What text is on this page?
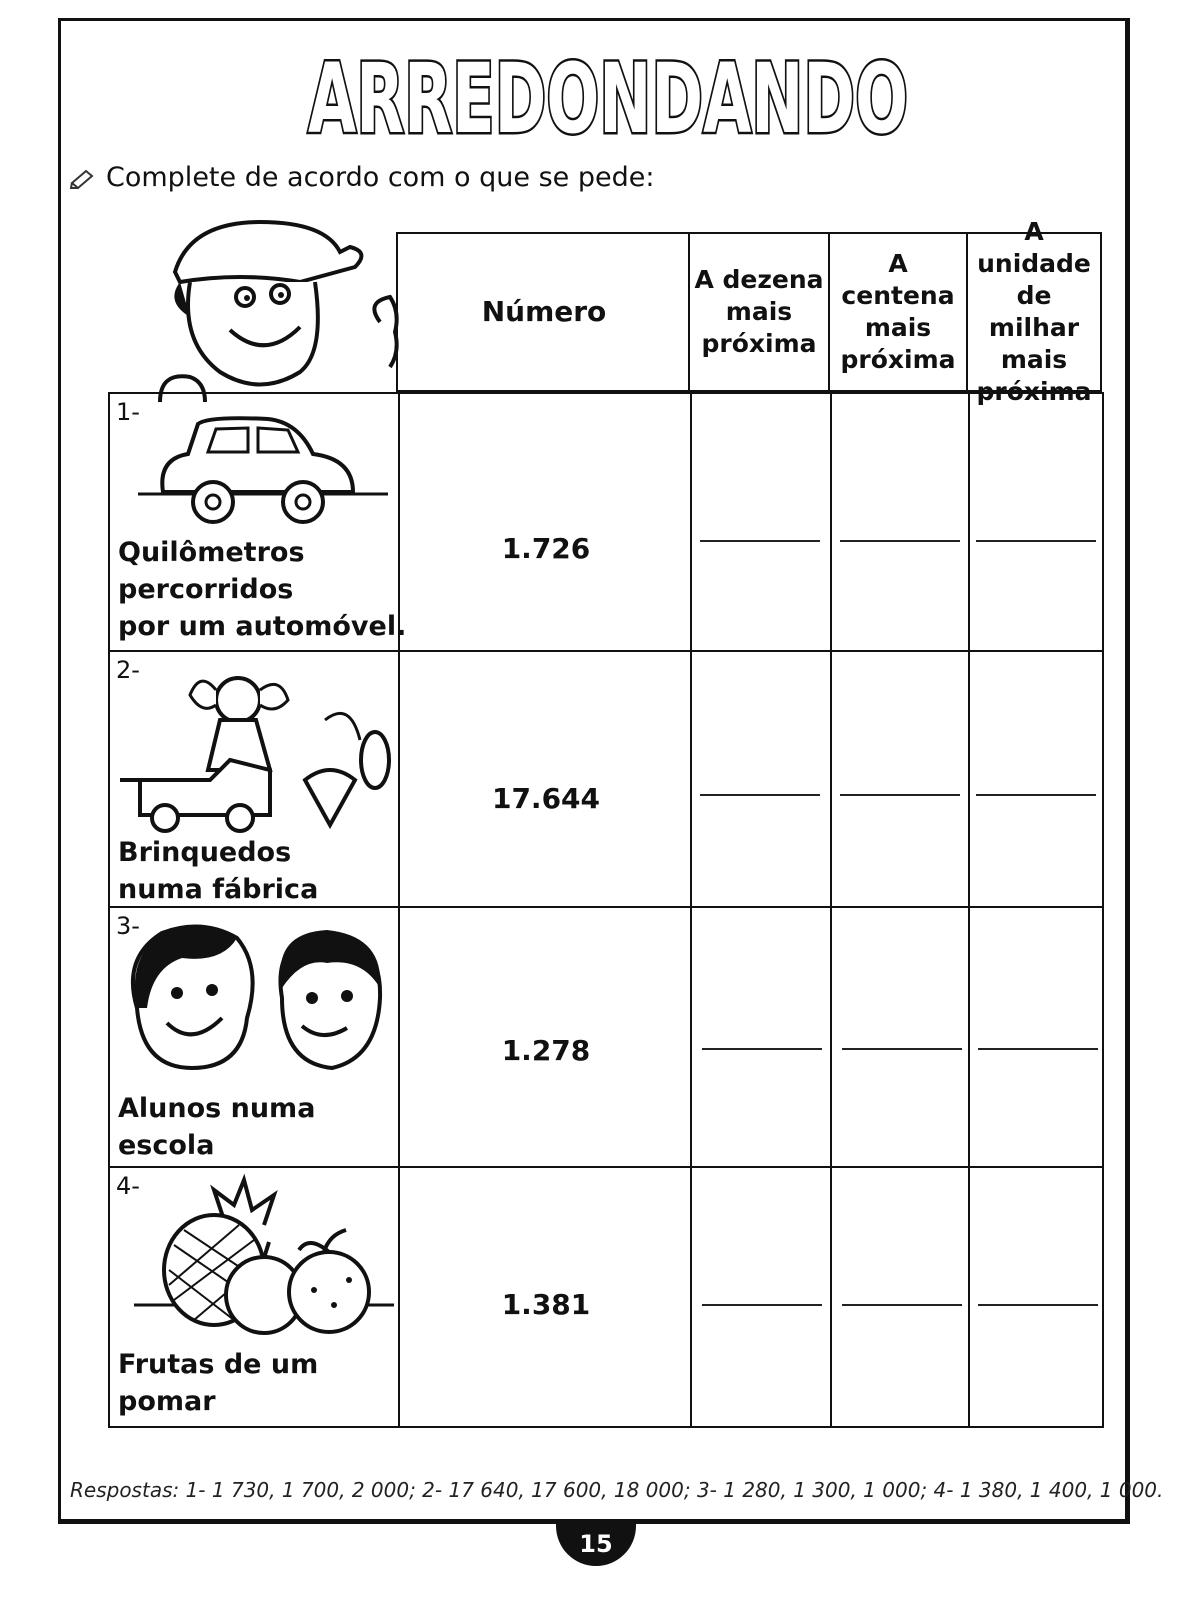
ARREDONDANDO
Complete de acordo com o que se pede:
Número
A dezena
mais
próxima
A centena
mais
próxima
A unidade
de milhar
mais
próxima
1-
Quilômetros
percorridos
por um automóvel.
1.726
2-
Brinquedos
numa fábrica
17.644
3-
Alunos numa
escola
1.278
4-
Frutas de um
pomar
1.381
Respostas: 1- 1 730, 1 700, 2 000; 2- 17 640, 17 600, 18 000; 3- 1 280, 1 300, 1 000; 4- 1 380, 1 400, 1 000.
15
